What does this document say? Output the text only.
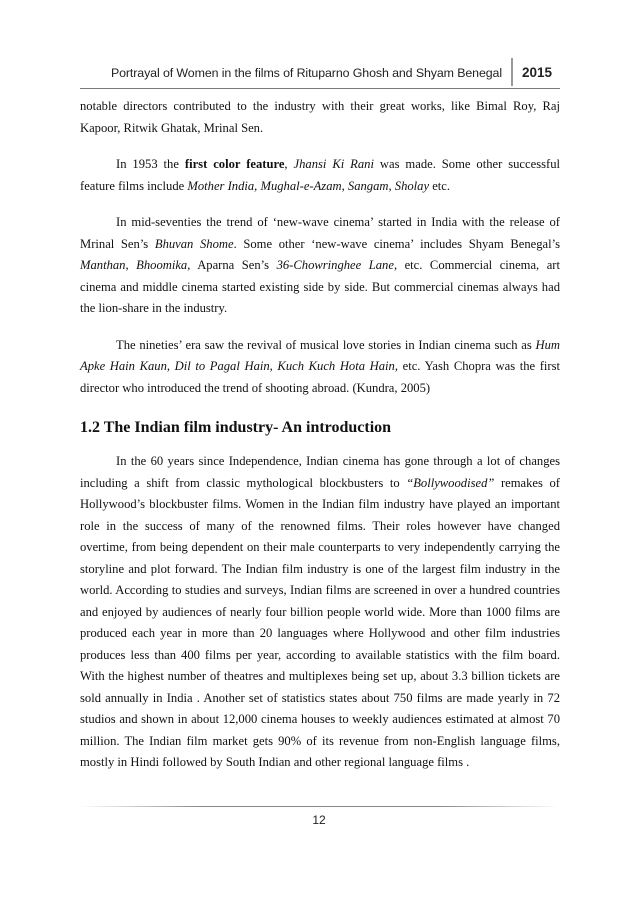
Portrayal of Women in the films of Rituparno Ghosh and Shyam Benegal 2015

notable directors contributed to the industry with their great works, like Bimal Roy, Raj Kapoor, Ritwik Ghatak, Mrinal Sen.

In 1953 the first color feature, Jhansi Ki Rani was made. Some other successful feature films include Mother India, Mughal-e-Azam, Sangam, Sholay etc.

In mid-seventies the trend of ‘new-wave cinema’ started in India with the release of Mrinal Sen’s Bhuvan Shome. Some other ‘new-wave cinema’ includes Shyam Benegal’s Manthan, Bhoomika, Aparna Sen’s 36-Chowringhee Lane, etc. Commercial cinema, art cinema and middle cinema started existing side by side. But commercial cinemas always had the lion-share in the industry.

The nineties’ era saw the revival of musical love stories in Indian cinema such as Hum Apke Hain Kaun, Dil to Pagal Hain, Kuch Kuch Hota Hain, etc. Yash Chopra was the first director who introduced the trend of shooting abroad. (Kundra, 2005)

1.2 The Indian film industry- An introduction

In the 60 years since Independence, Indian cinema has gone through a lot of changes including a shift from classic mythological blockbusters to “Bollywoodised” remakes of Hollywood’s blockbuster films. Women in the Indian film industry have played an important role in the success of many of the renowned films. Their roles however have changed overtime, from being dependent on their male counterparts to very independently carrying the storyline and plot forward. The Indian film industry is one of the largest film industry in the world. According to studies and surveys, Indian films are screened in over a hundred countries and enjoyed by audiences of nearly four billion people world wide. More than 1000 films are produced each year in more than 20 languages where Hollywood and other film industries produces less than 400 films per year, according to available statistics with the film board. With the highest number of theatres and multiplexes being set up, about 3.3 billion tickets are sold annually in India . Another set of statistics states about 750 films are made yearly in 72 studios and shown in about 12,000 cinema houses to weekly audiences estimated at almost 70 million. The Indian film market gets 90% of its revenue from non-English language films, mostly in Hindi followed by South Indian and other regional language films .

12
